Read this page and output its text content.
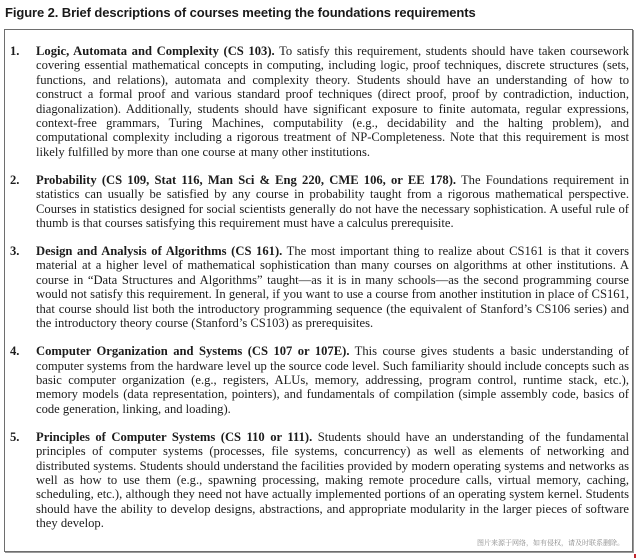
Figure 2. Brief descriptions of courses meeting the foundations requirements
1. Logic, Automata and Complexity (CS 103). To satisfy this requirement, students should have taken coursework covering essential mathematical concepts in computing, including logic, proof techniques, discrete structures (sets, functions, and relations), automata and complexity theory. Students should have an understanding of how to construct a formal proof and various standard proof techniques (direct proof, proof by contradiction, induction, diagonalization). Additionally, students should have significant exposure to finite automata, regular expressions, context-free grammars, Turing Machines, computability (e.g., decidability and the halting problem), and computational complexity including a rigorous treatment of NP-Completeness. Note that this requirement is most likely fulfilled by more than one course at many other institutions.
2. Probability (CS 109, Stat 116, Man Sci & Eng 220, CME 106, or EE 178). The Foundations requirement in statistics can usually be satisfied by any course in probability taught from a rigorous mathematical perspective. Courses in statistics designed for social scientists generally do not have the necessary sophistication. A useful rule of thumb is that courses satisfying this requirement must have a calculus prerequisite.
3. Design and Analysis of Algorithms (CS 161). The most important thing to realize about CS161 is that it covers material at a higher level of mathematical sophistication than many courses on algorithms at other institutions. A course in “Data Structures and Algorithms” taught—as it is in many schools—as the second programming course would not satisfy this requirement. In general, if you want to use a course from another institution in place of CS161, that course should list both the introductory programming sequence (the equivalent of Stanford’s CS106 series) and the introductory theory course (Stanford’s CS103) as prerequisites.
4. Computer Organization and Systems (CS 107 or 107E). This course gives students a basic understanding of computer systems from the hardware level up the source code level. Such familiarity should include concepts such as basic computer organization (e.g., registers, ALUs, memory, addressing, program control, runtime stack, etc.), memory models (data representation, pointers), and fundamentals of compilation (simple assembly code, basics of code generation, linking, and loading).
5. Principles of Computer Systems (CS 110 or 111). Students should have an understanding of the fundamental principles of computer systems (processes, file systems, concurrency) as well as elements of networking and distributed systems. Students should understand the facilities provided by modern operating systems and networks as well as how to use them (e.g., spawning processing, making remote procedure calls, virtual memory, caching, scheduling, etc.), although they need not have actually implemented portions of an operating system kernel. Students should have the ability to develop designs, abstractions, and appropriate modularity in the larger pieces of software they develop.
图片来源于网络，如有侵权，请及时联系删除。
